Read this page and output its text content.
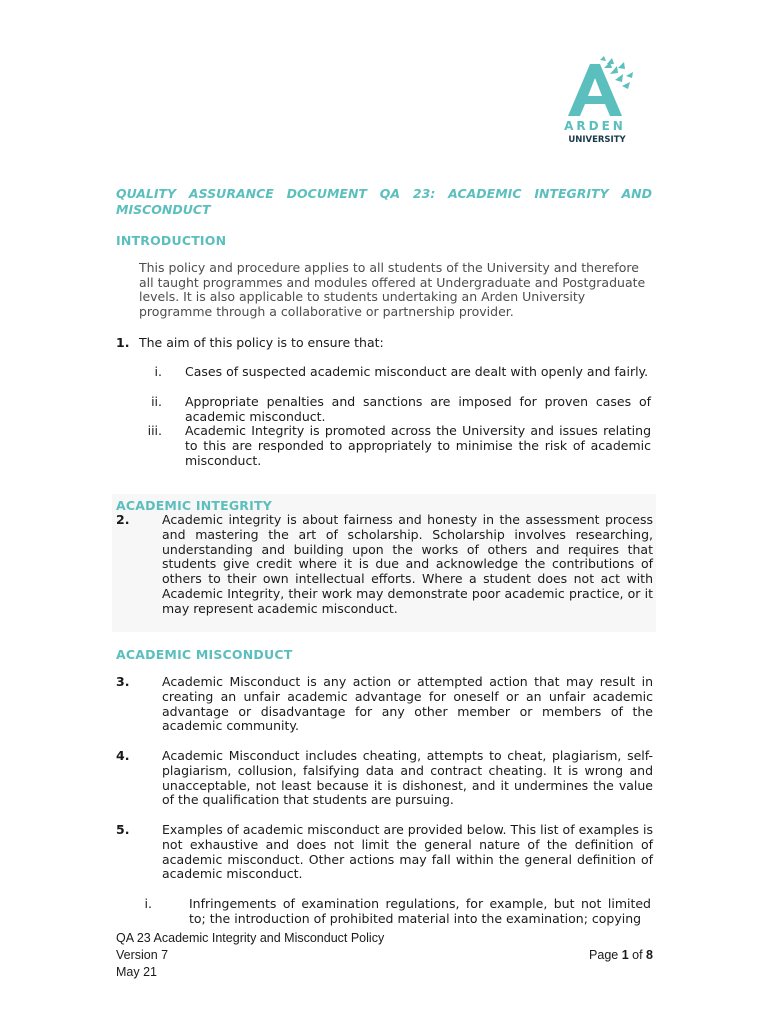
ARDEN
UNIVERSITY

QUALITY ASSURANCE DOCUMENT QA 23: ACADEMIC INTEGRITY AND MISCONDUCT

INTRODUCTION

This policy and procedure applies to all students of the University and therefore all taught programmes and modules offered at Undergraduate and Postgraduate levels. It is also applicable to students undertaking an Arden University programme through a collaborative or partnership provider.

1. The aim of this policy is to ensure that:
i. Cases of suspected academic misconduct are dealt with openly and fairly.
ii. Appropriate penalties and sanctions are imposed for proven cases of academic misconduct.
iii. Academic Integrity is promoted across the University and issues relating to this are responded to appropriately to minimise the risk of academic misconduct.
ACADEMIC INTEGRITY
2.	Academic integrity is about fairness and honesty in the assessment process and mastering the art of scholarship. Scholarship involves researching, understanding and building upon the works of others and requires that students give credit where it is due and acknowledge the contributions of others to their own intellectual efforts. Where a student does not act with Academic Integrity, their work may demonstrate poor academic practice, or it may represent academic misconduct.
ACADEMIC MISCONDUCT
3.	Academic Misconduct is any action or attempted action that may result in creating an unfair academic advantage for oneself or an unfair academic advantage or disadvantage for any other member or members of the academic community.
4.	Academic Misconduct includes cheating, attempts to cheat, plagiarism, self-plagiarism, collusion, falsifying data and contract cheating. It is wrong and unacceptable, not least because it is dishonest, and it undermines the value of the qualification that students are pursuing.
5.	Examples of academic misconduct are provided below. This list of examples is not exhaustive and does not limit the general nature of the definition of academic misconduct. Other actions may fall within the general definition of academic misconduct.
i.	Infringements of examination regulations, for example, but not limited to; the introduction of prohibited material into the examination; copying
QA 23 Academic Integrity and Misconduct Policy
Version 7
May 21
Page 1 of 8
